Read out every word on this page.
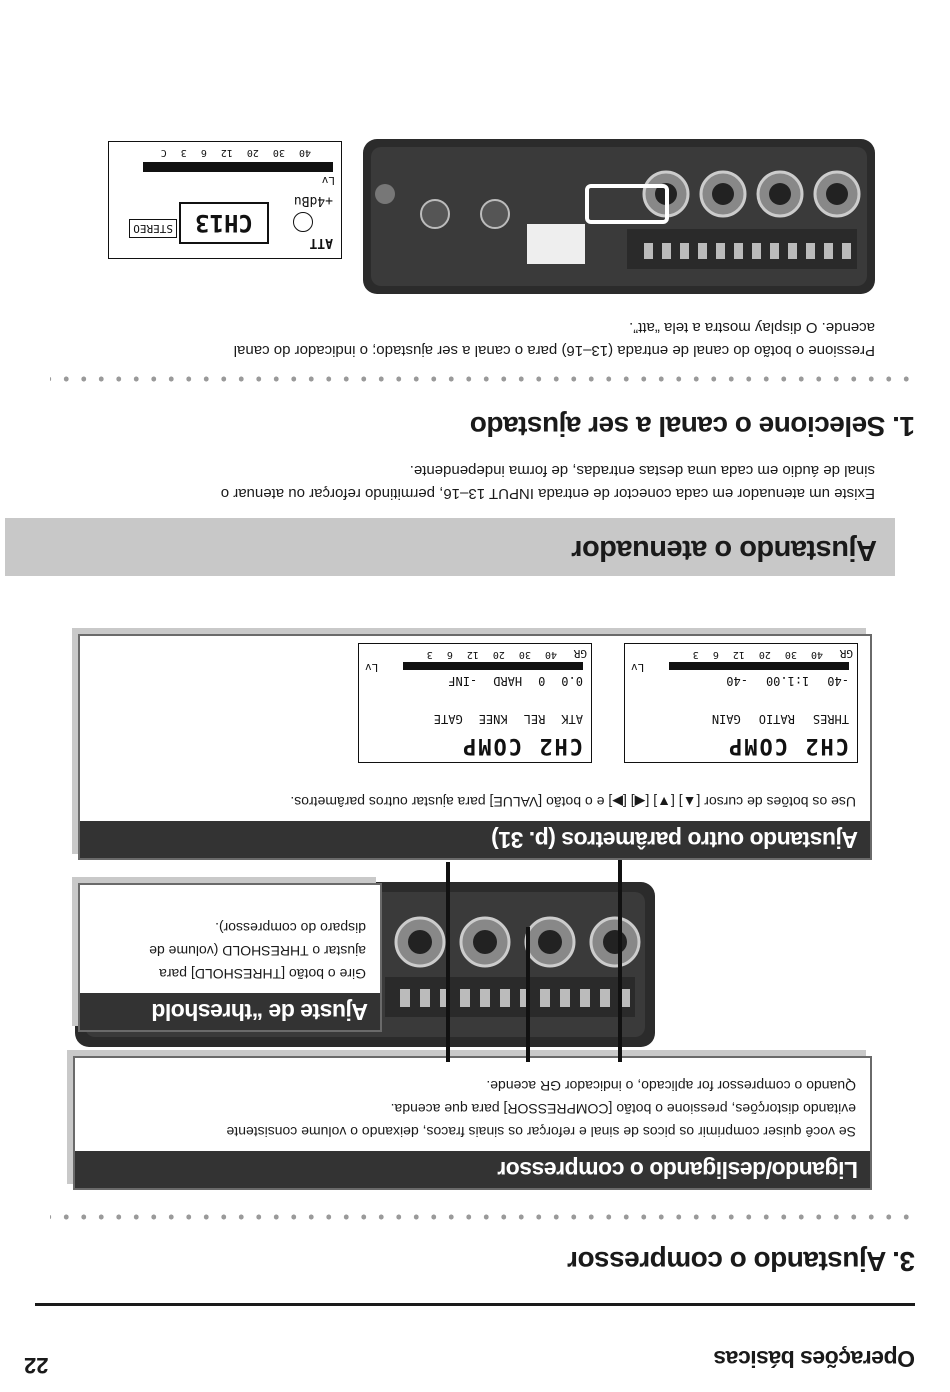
Operações básicas
3. Ajustando o compressor
Ligando/desligando o compressor
Se você quiser comprimir os picos de sinal e reforçar os sinais fracos, deixando o volume consistente
evitando distorções, pressione o botão [COMPRESSOR] para que acenda.
Quando o compressor for aplicado, o indicador GR acende.
Ajuste de “threshold
Gire o botão [THRESHOLD] para
ajustar o THRESHOLD (volume de
disparo do compressor).
Ajustando outro parâmetros (p. 31)
Use os botões de cursor [▲] [▼] [◀] [▶] e o botão [VALUE] para ajustar outros parâmetros.
CH2 COMP
THRES
RATIO
GAIN
-40
1:1.00
-40
Lv
GR
40
30
20
12
6
3
CH2 COMP
ATK
REL
KNEE
GATE
0.0
0
HARD
-INF
Lv
GR
40
30
20
12
6
3
Ajustando o atenuador
Existe um atenuador em cada conector de entrada INPUT 13–16, permitindo reforçar ou atenuar o
sinal de áudio em cada uma destas entradas, de forma independente.
1. Selecione o canal a ser ajustado
Pressione o botão do canal de entrada (13–16) para o canal a ser ajustado; o indicador do canal
acende. O display mostra a tela “att”.
ATT
+4dBu
CH13
STEREO
Lv
40
30
20
12
6
3
C
22
